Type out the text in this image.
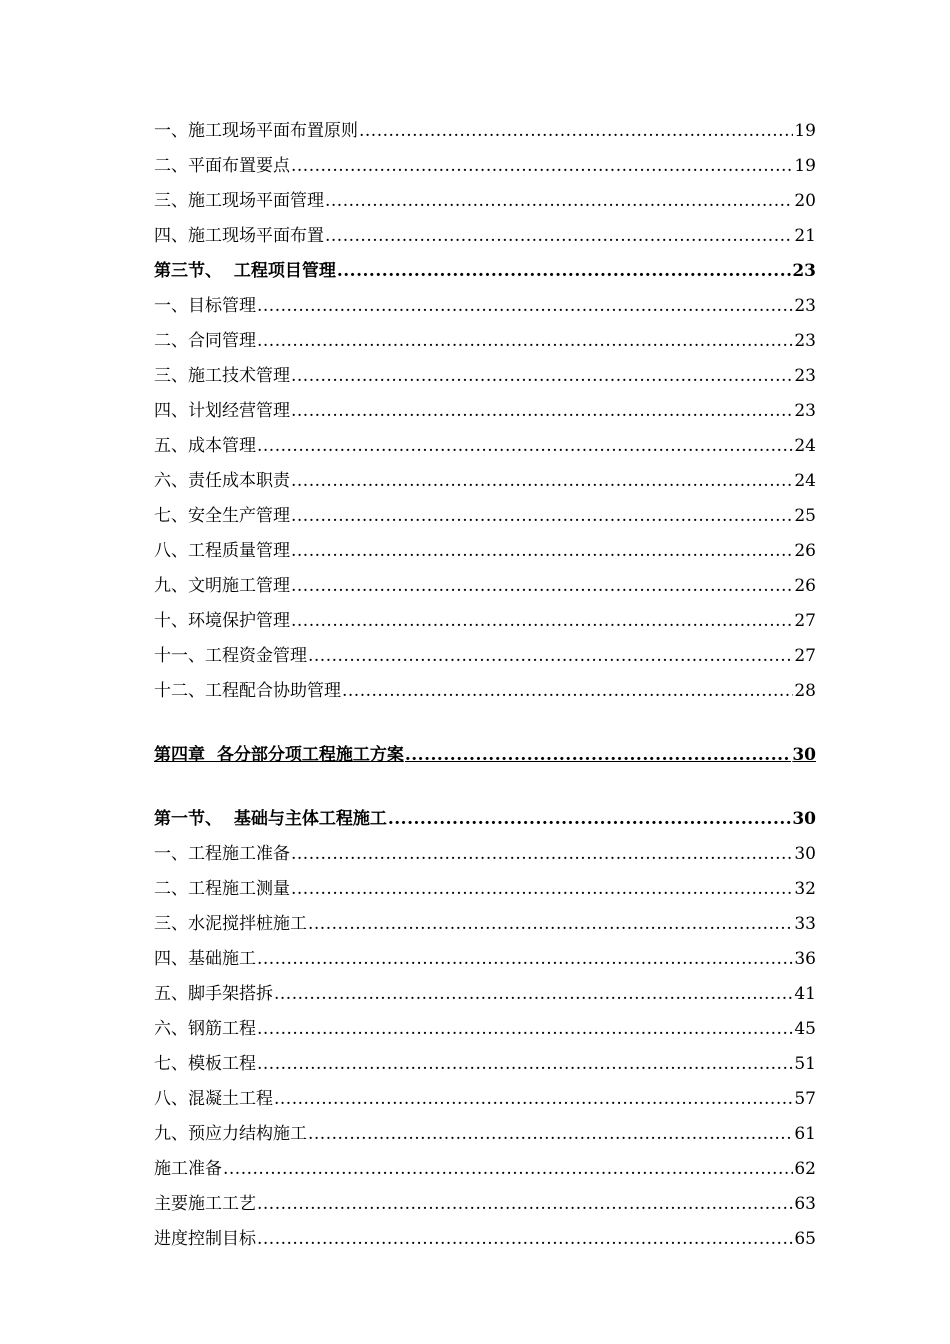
一、施工现场平面布置原则 .....	19
二、平面布置要点 .....	19
三、施工现场平面管理 .....	20
四、施工现场平面布置 .....	21
第三节、  工程项目管理 .....	23
一、目标管理 .....	23
二、合同管理 .....	23
三、施工技术管理 .....	23
四、计划经营管理 .....	23
五、成本管理 .....	24
六、责任成本职责 .....	24
七、安全生产管理 .....	25
八、工程质量管理 .....	26
九、文明施工管理 .....	26
十、环境保护管理 .....	27
十一、工程资金管理 .....	27
十二、工程配合协助管理 .....	28
第四章  各分部分项工程施工方案 .....	30
第一节、  基础与主体工程施工 .....	30
一、工程施工准备 .....	30
二、工程施工测量 .....	32
三、水泥搅拌桩施工 .....	33
四、基础施工 .....	36
五、脚手架搭拆 .....	41
六、钢筋工程 .....	45
七、模板工程 .....	51
八、混凝土工程 .....	57
九、预应力结构施工 .....	61
施工准备 .....	62
主要施工工艺 .....	63
进度控制目标 .....	65
